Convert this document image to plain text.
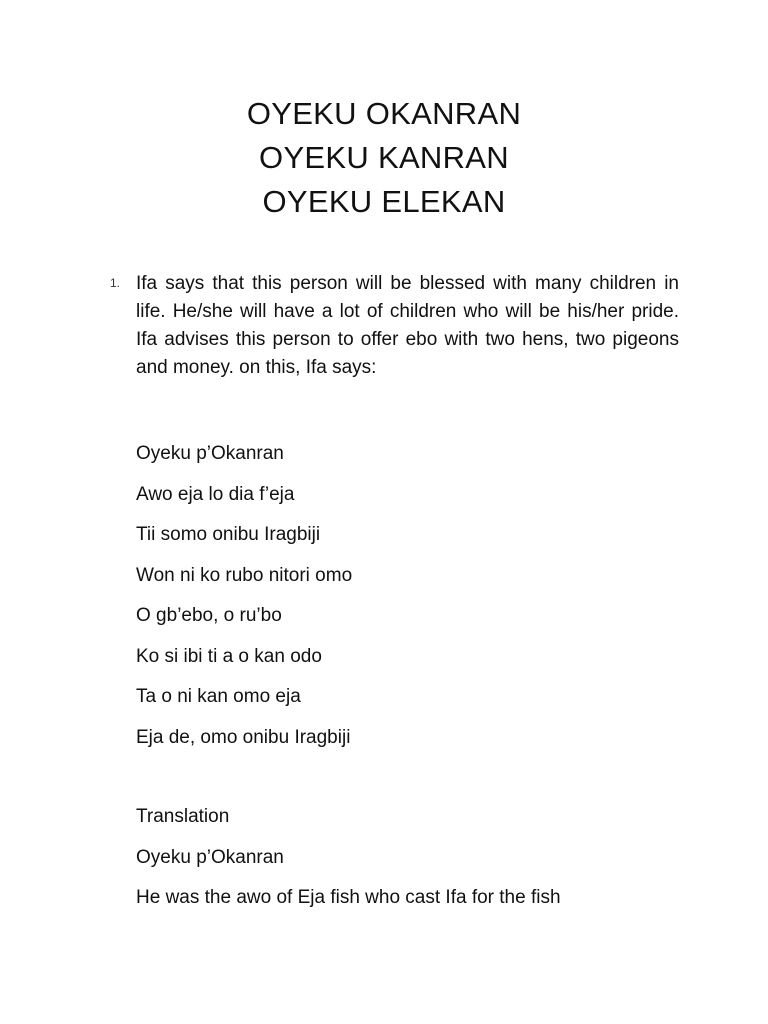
OYEKU OKANRAN
OYEKU KANRAN
OYEKU ELEKAN
1. Ifa says that this person will be blessed with many children in life. He/she will have a lot of children who will be his/her pride. Ifa advises this person to offer ebo with two hens, two pigeons and money. on this, Ifa says:
Oyeku p’Okanran
Awo eja lo dia f’eja
Tii somo onibu Iragbiji
Won ni ko rubo nitori omo
O gb’ebo, o ru’bo
Ko si ibi ti a o kan odo
Ta o ni kan omo eja
Eja de, omo onibu Iragbiji
Translation
Oyeku p’Okanran
He was the awo of Eja fish who cast Ifa for the fish
